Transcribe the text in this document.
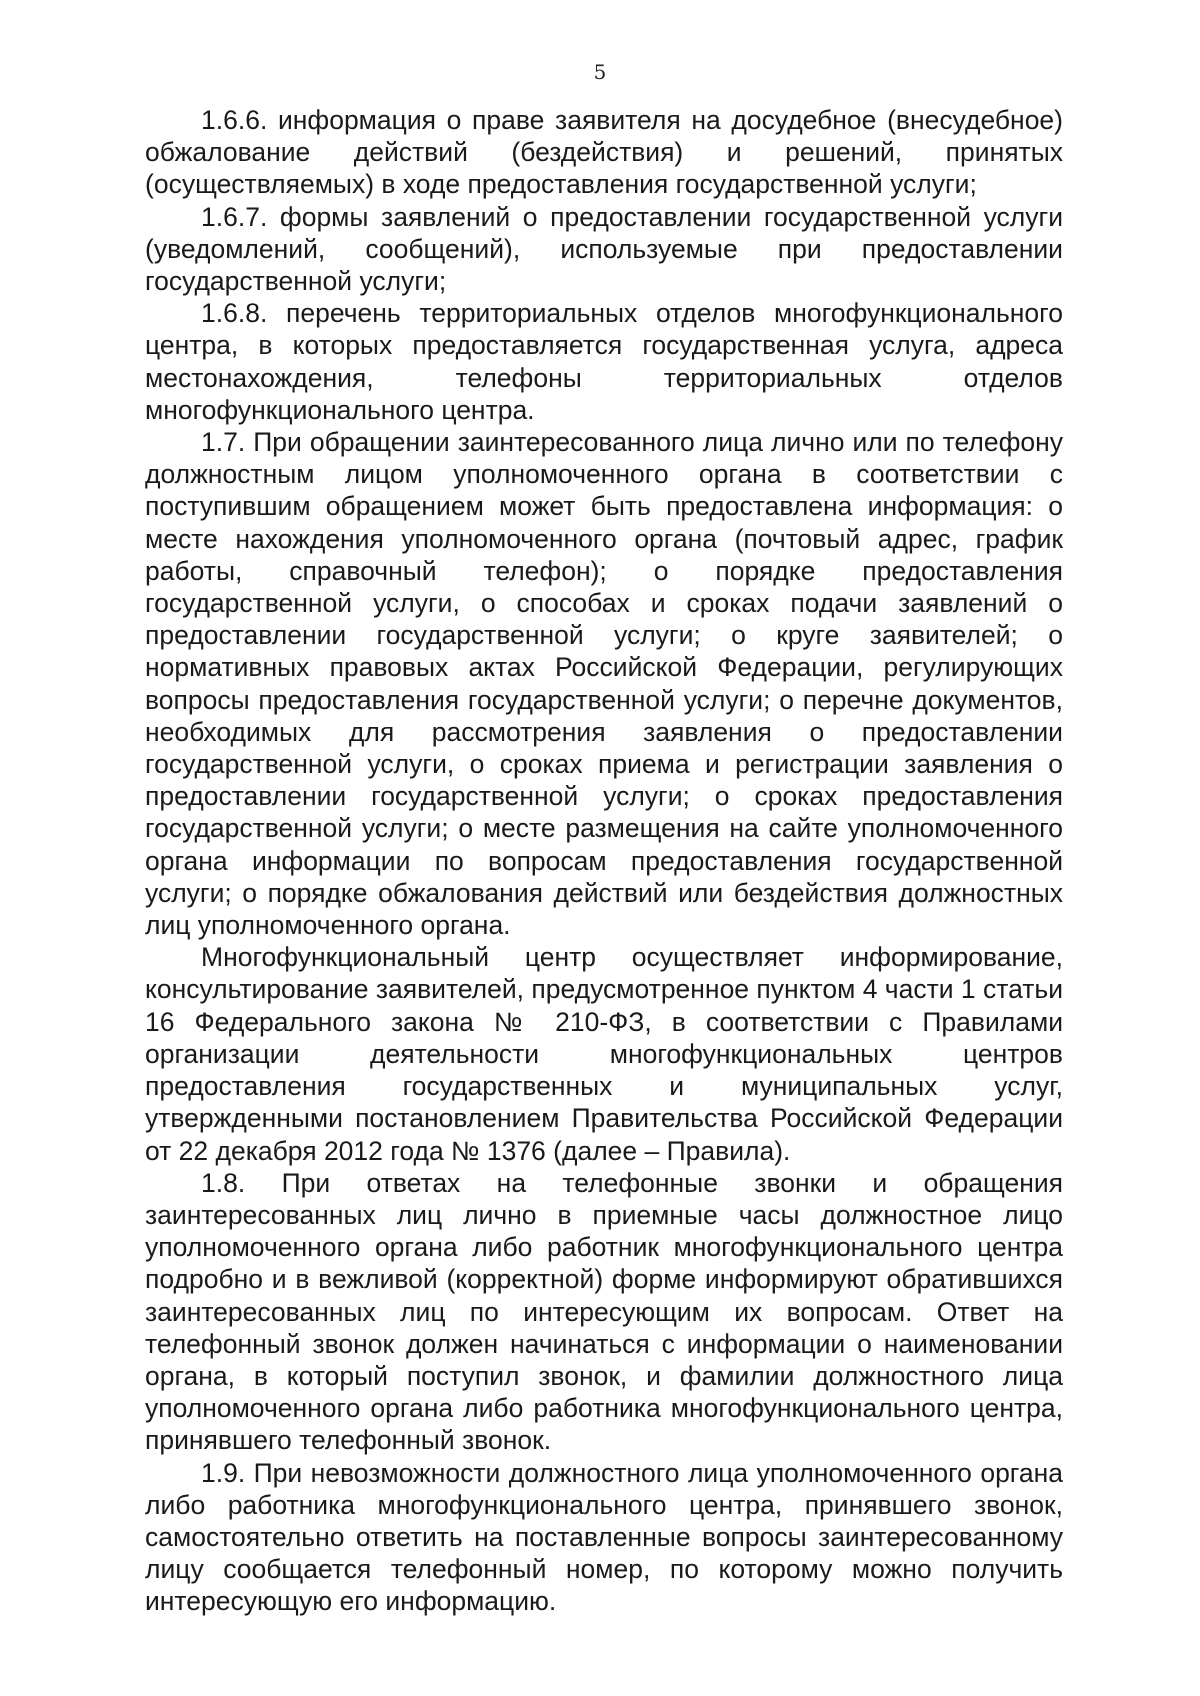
5

1.6.6. информация о праве заявителя на досудебное (внесудебное) обжалование действий (бездействия) и решений, принятых (осуществляемых) в ходе предоставления государственной услуги;

1.6.7. формы заявлений о предоставлении государственной услуги (уведомлений, сообщений), используемые при предоставлении государственной услуги;

1.6.8. перечень территориальных отделов многофункционального центра, в которых предоставляется государственная услуга, адреса местонахождения, телефоны территориальных отделов многофункционального центра.

1.7. При обращении заинтересованного лица лично или по телефону должностным лицом уполномоченного органа в соответствии с поступившим обращением может быть предоставлена информация: о месте нахождения уполномоченного органа (почтовый адрес, график работы, справочный телефон); о порядке предоставления государственной услуги, о способах и сроках подачи заявлений о предоставлении государственной услуги; о круге заявителей; о нормативных правовых актах Российской Федерации, регулирующих вопросы предоставления государственной услуги; о перечне документов, необходимых для рассмотрения заявления о предоставлении государственной услуги, о сроках приема и регистрации заявления о предоставлении государственной услуги; о сроках предоставления государственной услуги; о месте размещения на сайте уполномоченного органа информации по вопросам предоставления государственной услуги; о порядке обжалования действий или бездействия должностных лиц уполномоченного органа.

Многофункциональный центр осуществляет информирование, консультирование заявителей, предусмотренное пунктом 4 части 1 статьи 16 Федерального закона № 210-ФЗ, в соответствии с Правилами организации деятельности многофункциональных центров предоставления государственных и муниципальных услуг, утвержденными постановлением Правительства Российской Федерации от 22 декабря 2012 года № 1376 (далее – Правила).

1.8. При ответах на телефонные звонки и обращения заинтересованных лиц лично в приемные часы должностное лицо уполномоченного органа либо работник многофункционального центра подробно и в вежливой (корректной) форме информируют обратившихся заинтересованных лиц по интересующим их вопросам. Ответ на телефонный звонок должен начинаться с информации о наименовании органа, в который поступил звонок, и фамилии должностного лица уполномоченного органа либо работника многофункционального центра, принявшего телефонный звонок.

1.9. При невозможности должностного лица уполномоченного органа либо работника многофункционального центра, принявшего звонок, самостоятельно ответить на поставленные вопросы заинтересованному лицу сообщается телефонный номер, по которому можно получить интересующую его информацию.
